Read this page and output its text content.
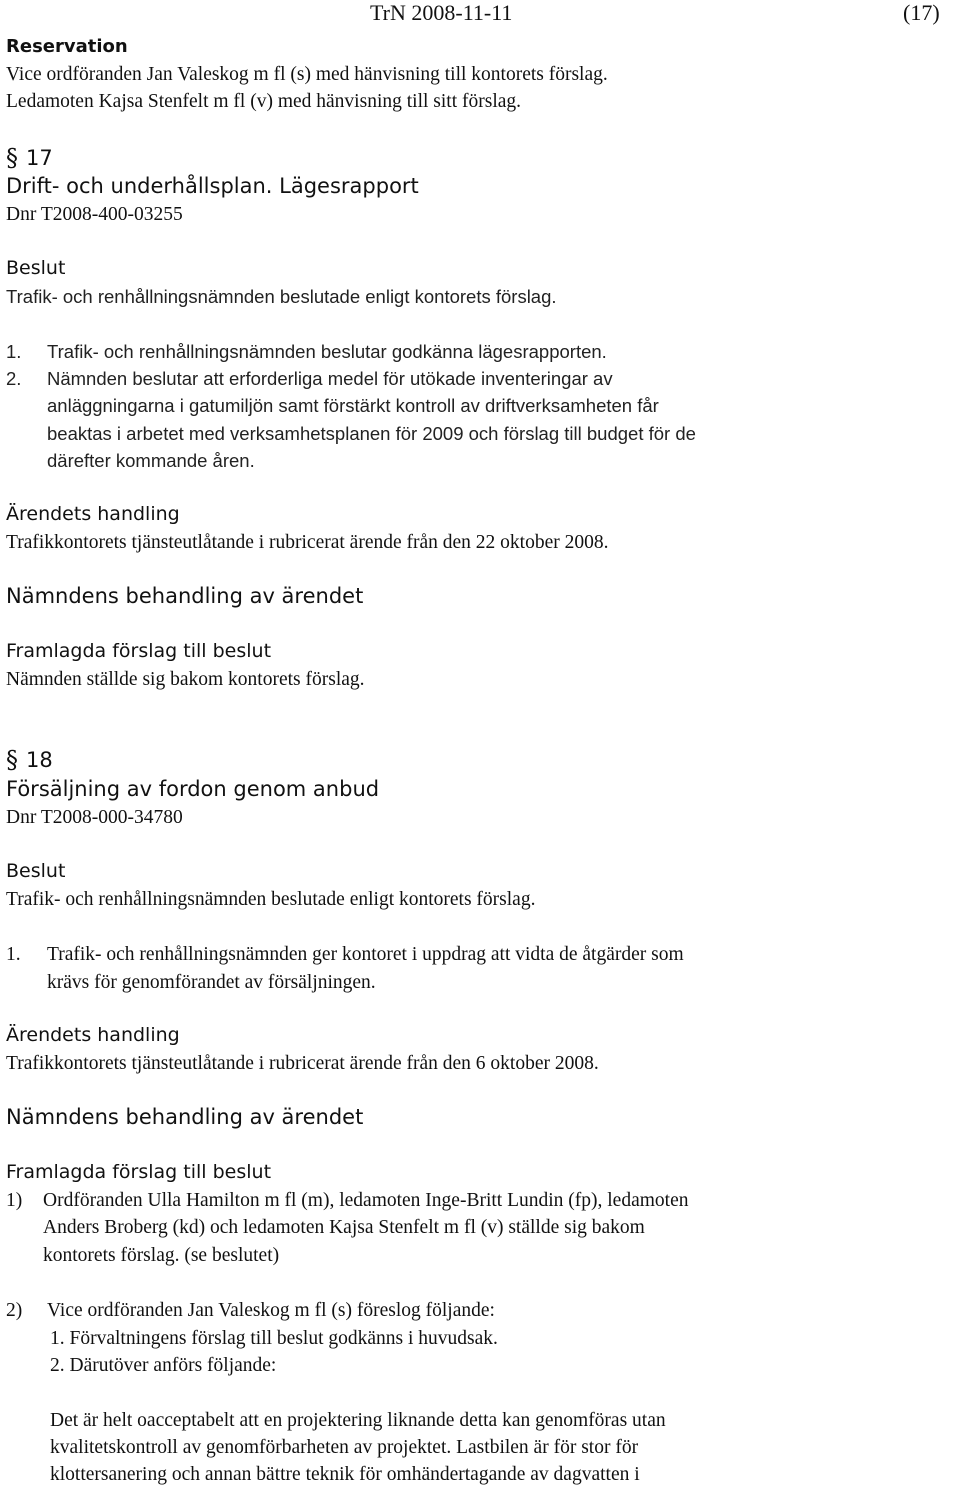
TrN 2008-11-11	(17)
Reservation
Vice ordföranden Jan Valeskog m fl (s) med hänvisning till kontorets förslag.
Ledamoten Kajsa Stenfelt m fl (v) med hänvisning till sitt förslag.
§ 17
Drift- och underhållsplan. Lägesrapport
Dnr T2008-400-03255
Beslut
Trafik- och renhållningsnämnden beslutade enligt kontorets förslag.
1. Trafik- och renhållningsnämnden beslutar godkänna lägesrapporten.
2. Nämnden beslutar att erforderliga medel för utökade inventeringar av
anläggningarna i gatumiljön samt förstärkt kontroll av driftverksamheten får
beaktas i arbetet med verksamhetsplanen för 2009 och förslag till budget för de
därefter kommande åren.
Ärendets handling
Trafikkontorets tjänsteutlåtande i rubricerat ärende från den 22 oktober 2008.
Nämndens behandling av ärendet
Framlagda förslag till beslut
Nämnden ställde sig bakom kontorets förslag.
§ 18
Försäljning av fordon genom anbud
Dnr T2008-000-34780
Beslut
Trafik- och renhållningsnämnden beslutade enligt kontorets förslag.
1. Trafik- och renhållningsnämnden ger kontoret i uppdrag att vidta de åtgärder som
krävs för genomförandet av försäljningen.
Ärendets handling
Trafikkontorets tjänsteutlåtande i rubricerat ärende från den 6 oktober 2008.
Nämndens behandling av ärendet
Framlagda förslag till beslut
1) Ordföranden Ulla Hamilton m fl (m), ledamoten Inge-Britt Lundin (fp), ledamoten
Anders Broberg (kd) och ledamoten Kajsa Stenfelt m fl (v) ställde sig bakom
kontorets förslag. (se beslutet)
2) Vice ordföranden Jan Valeskog m fl (s) föreslog följande:
1. Förvaltningens förslag till beslut godkänns i huvudsak.
2. Därutöver anförs följande:
Det är helt oacceptabelt att en projektering liknande detta kan genomföras utan
kvalitetskontroll av genomförbarheten av projektet. Lastbilen är för stor för
klottersanering och annan bättre teknik för omhändertagande av dagvatten i
